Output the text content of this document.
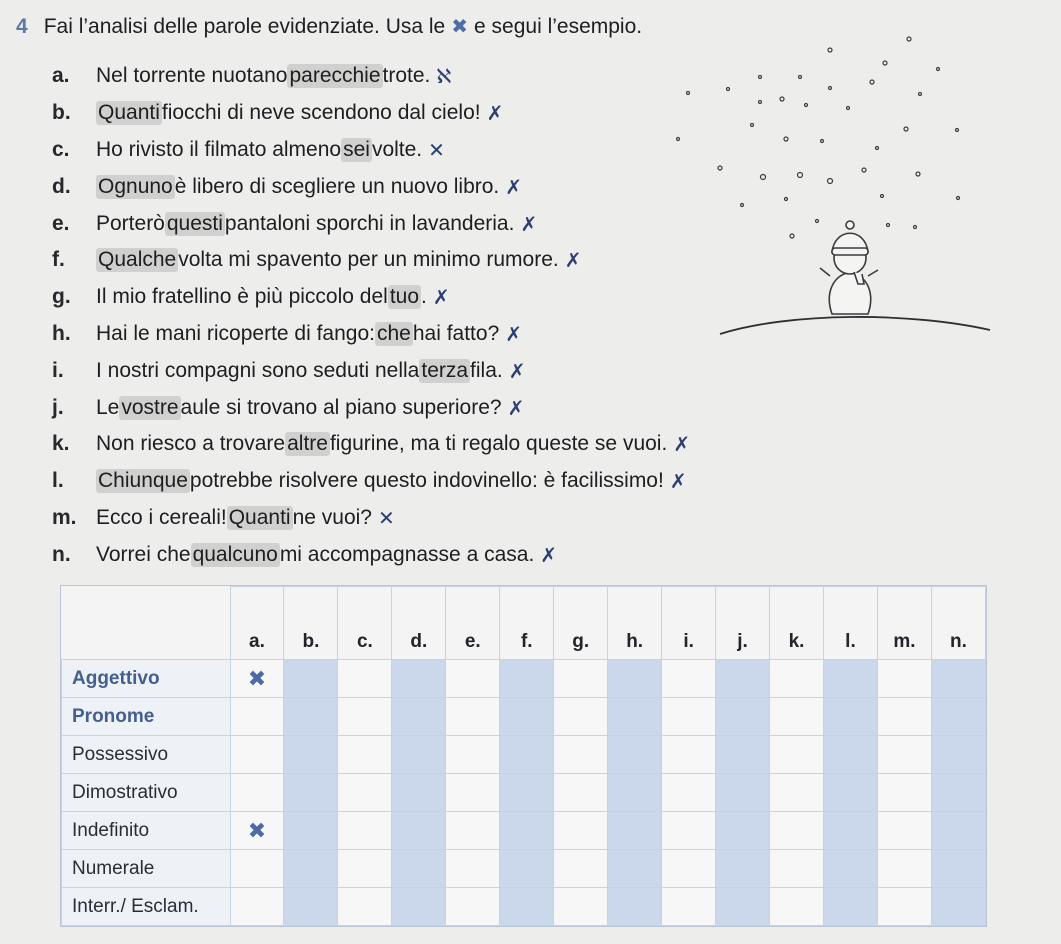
4 Fai l’analisi delle parole evidenziate. Usa le ✖ e segui l’esempio.
a.	Nel torrente nuotano parecchie trote. ℵ
b.	Quanti fiocchi di neve scendono dal cielo! ✗
c.	Ho rivisto il filmato almeno sei volte. ✕
d.	Ognuno è libero di scegliere un nuovo libro. ✗
e.	Porterò questi pantaloni sporchi in lavanderia. ✗
f.	Qualche volta mi spavento per un minimo rumore. ✗
g.	Il mio fratellino è più piccolo del tuo . ✗
h.	Hai le mani ricoperte di fango: che hai fatto? ✗
i.	I nostri compagni sono seduti nella terza fila. ✗
j.	Le vostre aule si trovano al piano superiore? ✗
k.	Non riesco a trovare altre figurine, ma ti regalo queste se vuoi. ✗
l.	Chiunque potrebbe risolvere questo indovinello: è facilissimo! ✗
m. Ecco i cereali! Quanti ne vuoi? ✕
n.	Vorrei che qualcuno mi accompagnasse a casa. ✗
	a.	b.	c.	d.	e.	f.	g.	h.	i.	j.	k.	l.	m.	n.
Aggettivo	✖													
Pronome														
Possessivo														
Dimostrativo														
Indefinito	✖													
Numerale														
Interr./ Esclam.														
